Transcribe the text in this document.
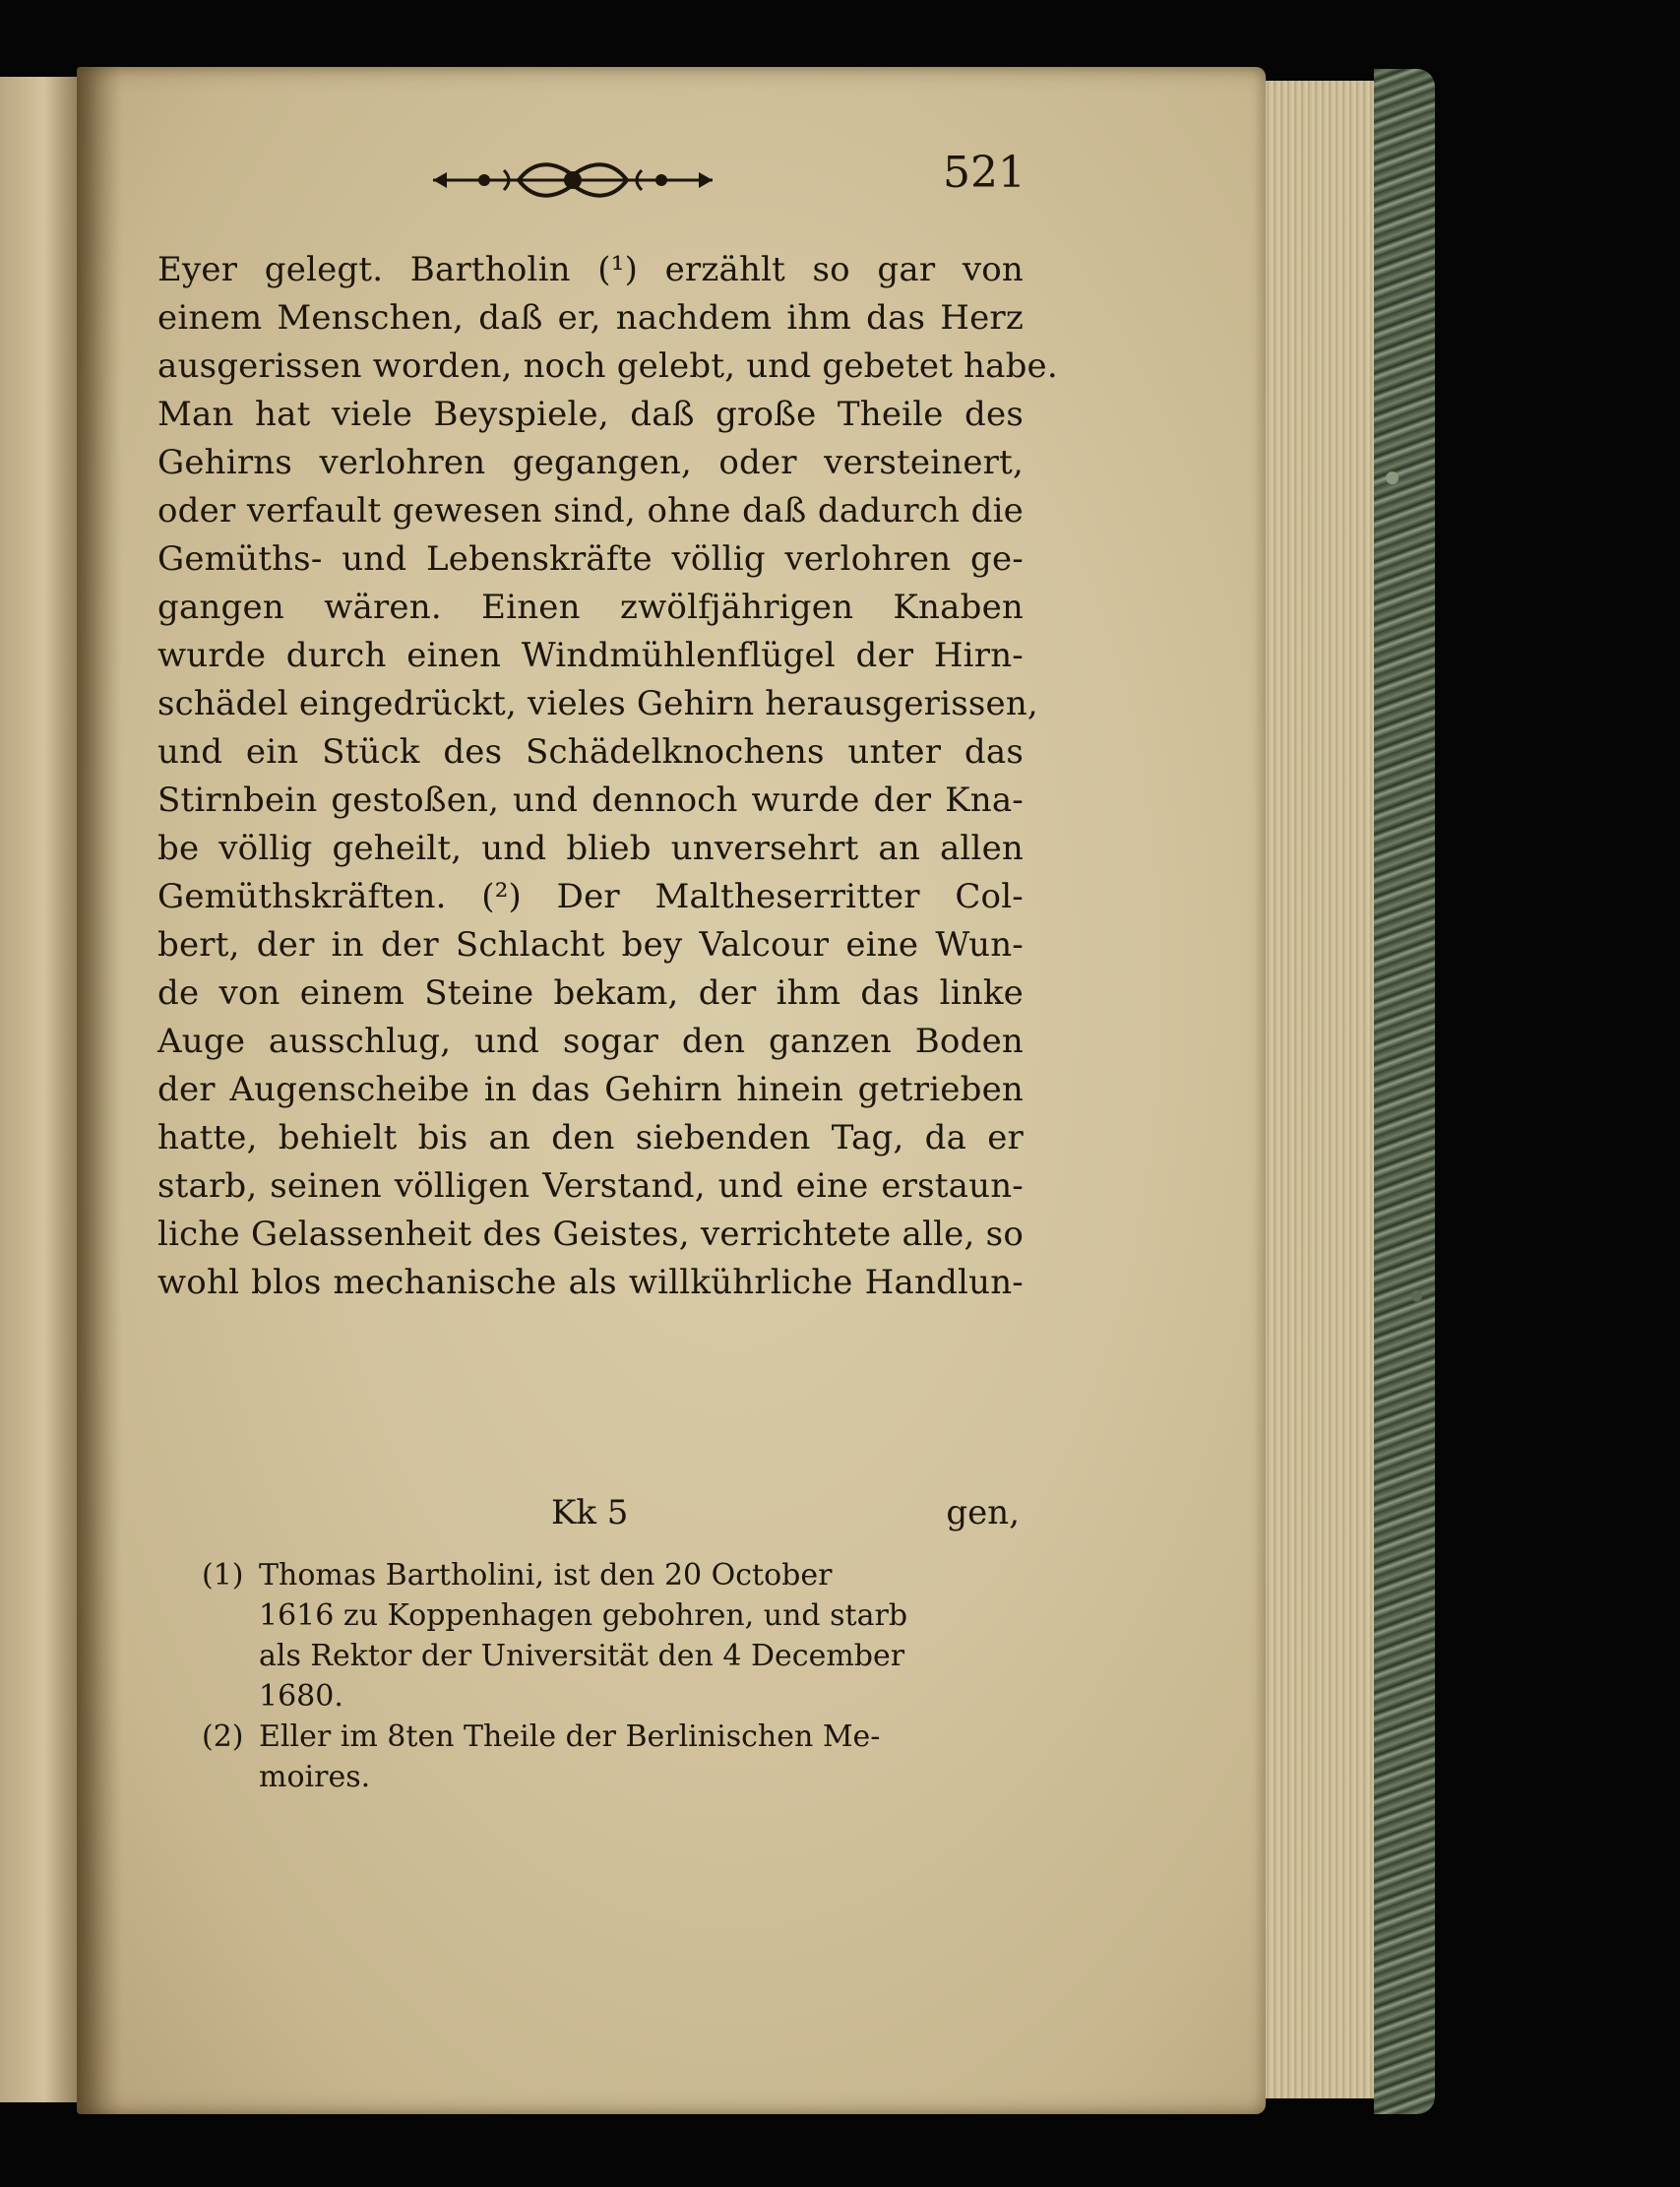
521
Eyer gelegt. Bartholin (¹) erzählt so gar von
einem Menschen, daß er, nachdem ihm das Herz
ausgerissen worden, noch gelebt, und gebetet habe.
Man hat viele Beyspiele, daß große Theile des
Gehirns verlohren gegangen, oder versteinert,
oder verfault gewesen sind, ohne daß dadurch die
Gemüths- und Lebenskräfte völlig verlohren ge-
gangen wären. Einen zwölfjährigen Knaben
wurde durch einen Windmühlenflügel der Hirn-
schädel eingedrückt, vieles Gehirn herausgerissen,
und ein Stück des Schädelknochens unter das
Stirnbein gestoßen, und dennoch wurde der Kna-
be völlig geheilt, und blieb unversehrt an allen
Gemüthskräften. (²) Der Maltheserritter Col-
bert, der in der Schlacht bey Valcour eine Wun-
de von einem Steine bekam, der ihm das linke
Auge ausschlug, und sogar den ganzen Boden
der Augenscheibe in das Gehirn hinein getrieben
hatte, behielt bis an den siebenden Tag, da er
starb, seinen völligen Verstand, und eine erstaun-
liche Gelassenheit des Geistes, verrichtete alle, so
wohl blos mechanische als willkührliche Handlun-
Kk 5	gen,
(1) Thomas Bartholini, ist den 20 October
1616 zu Koppenhagen gebohren, und starb
als Rektor der Universität den 4 December
1680.
(2) Eller im 8ten Theile der Berlinischen Me-
moires.
